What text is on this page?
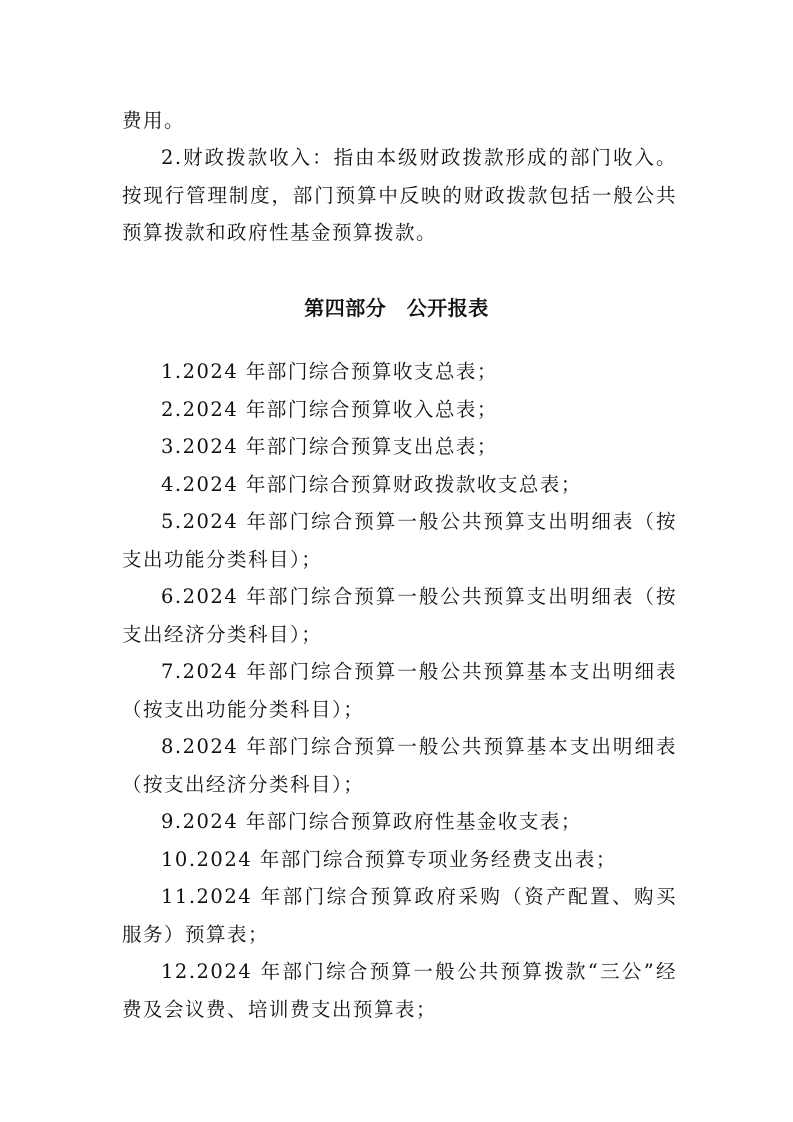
费用。

2.财政拨款收入：指由本级财政拨款形成的部门收入。按现行管理制度，部门预算中反映的财政拨款包括一般公共预算拨款和政府性基金预算拨款。

第四部分　公开报表
1.2024 年部门综合预算收支总表；
2.2024 年部门综合预算收入总表；
3.2024 年部门综合预算支出总表；
4.2024 年部门综合预算财政拨款收支总表；
5.2024 年部门综合预算一般公共预算支出明细表（按支出功能分类科目）；
6.2024 年部门综合预算一般公共预算支出明细表（按支出经济分类科目）；
7.2024 年部门综合预算一般公共预算基本支出明细表（按支出功能分类科目）；
8.2024 年部门综合预算一般公共预算基本支出明细表（按支出经济分类科目）；
9.2024 年部门综合预算政府性基金收支表；
10.2024 年部门综合预算专项业务经费支出表；
11.2024 年部门综合预算政府采购（资产配置、购买服务）预算表；
12.2024 年部门综合预算一般公共预算拨款“三公”经费及会议费、培训费支出预算表；
